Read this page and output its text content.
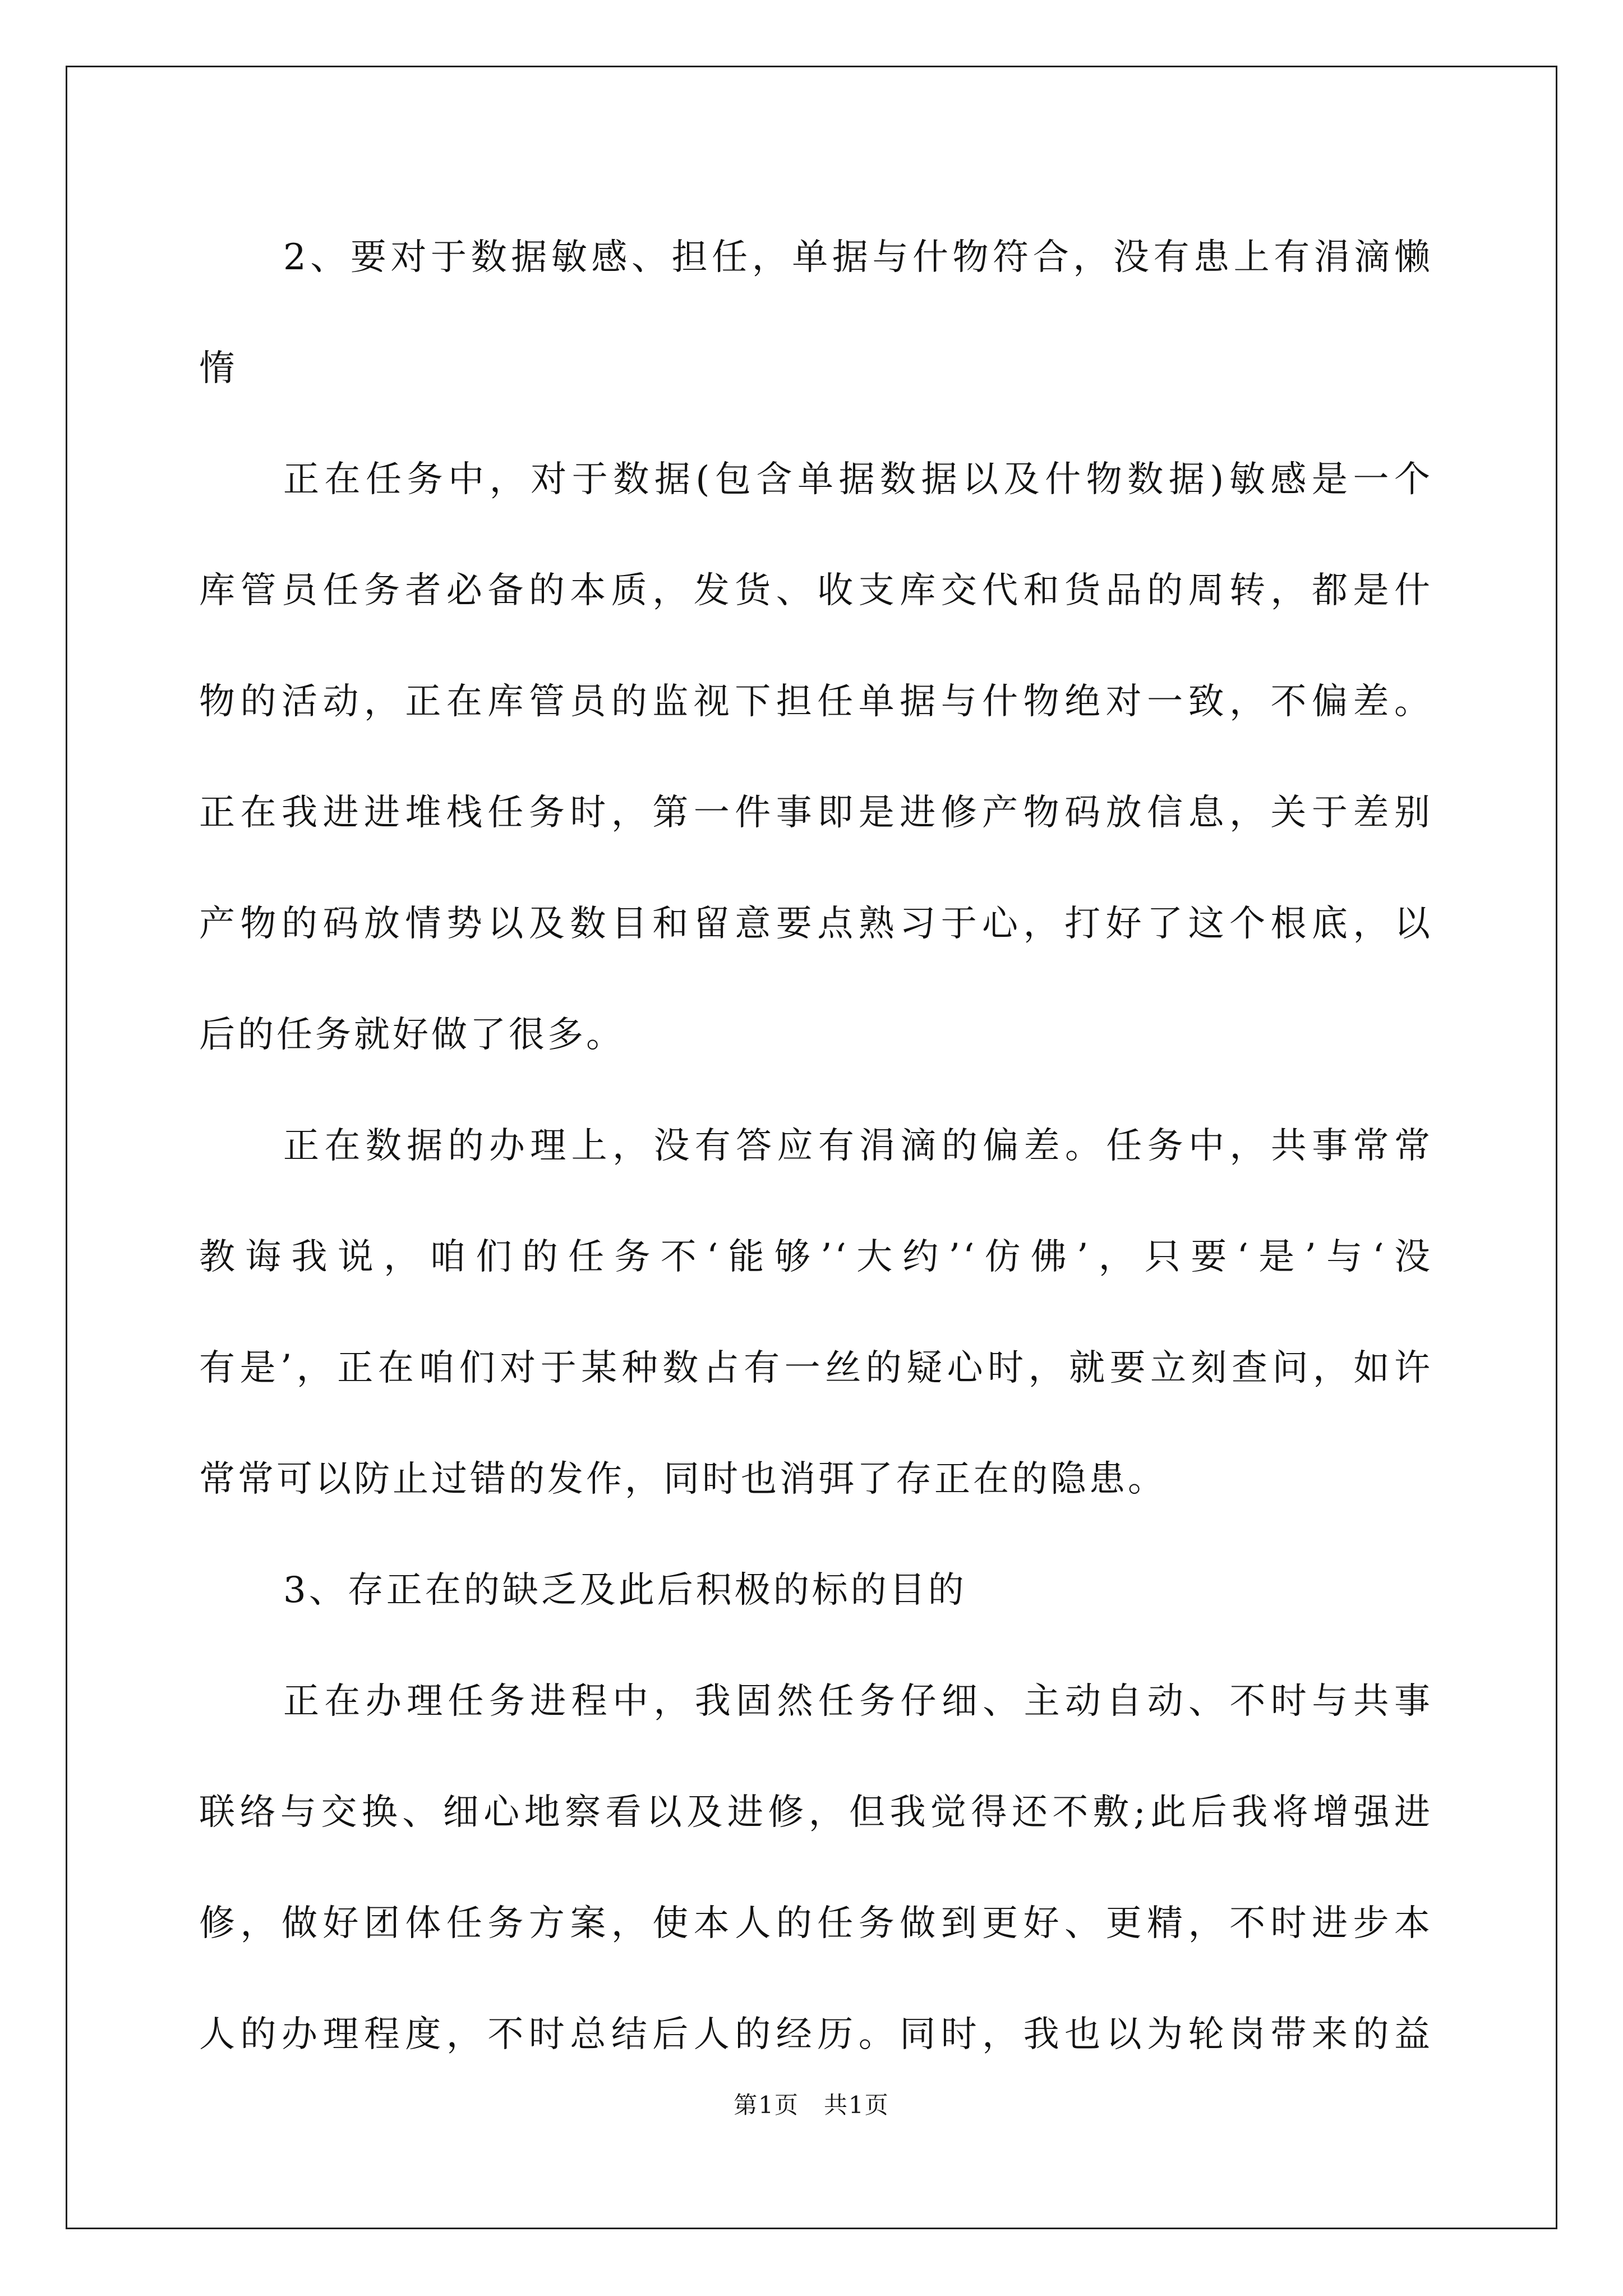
2、要对于数据敏感、担任，单据与什物符合，没有患上有涓滴懒
惰
正在任务中，对于数据(包含单据数据以及什物数据)敏感是一个
库管员任务者必备的本质，发货、收支库交代和货品的周转，都是什
物的活动，正在库管员的监视下担任单据与什物绝对一致，不偏差。
正在我进进堆栈任务时，第一件事即是进修产物码放信息，关于差别
产物的码放情势以及数目和留意要点熟习于心，打好了这个根底，以
后的任务就好做了很多。
正在数据的办理上，没有答应有涓滴的偏差。任务中，共事常常
教诲我说，咱们的任务不‘能够’‘大约’‘仿佛’，只要‘是’与‘没
有是’，正在咱们对于某种数占有一丝的疑心时，就要立刻查问，如许
常常可以防止过错的发作，同时也消弭了存正在的隐患。
3、存正在的缺乏及此后积极的标的目的
正在办理任务进程中，我固然任务仔细、主动自动、不时与共事
联络与交换、细心地察看以及进修，但我觉得还不敷;此后我将增强进
修，做好团体任务方案，使本人的任务做到更好、更精，不时进步本
人的办理程度，不时总结后人的经历。同时，我也以为轮岗带来的益
第1页　共1页
